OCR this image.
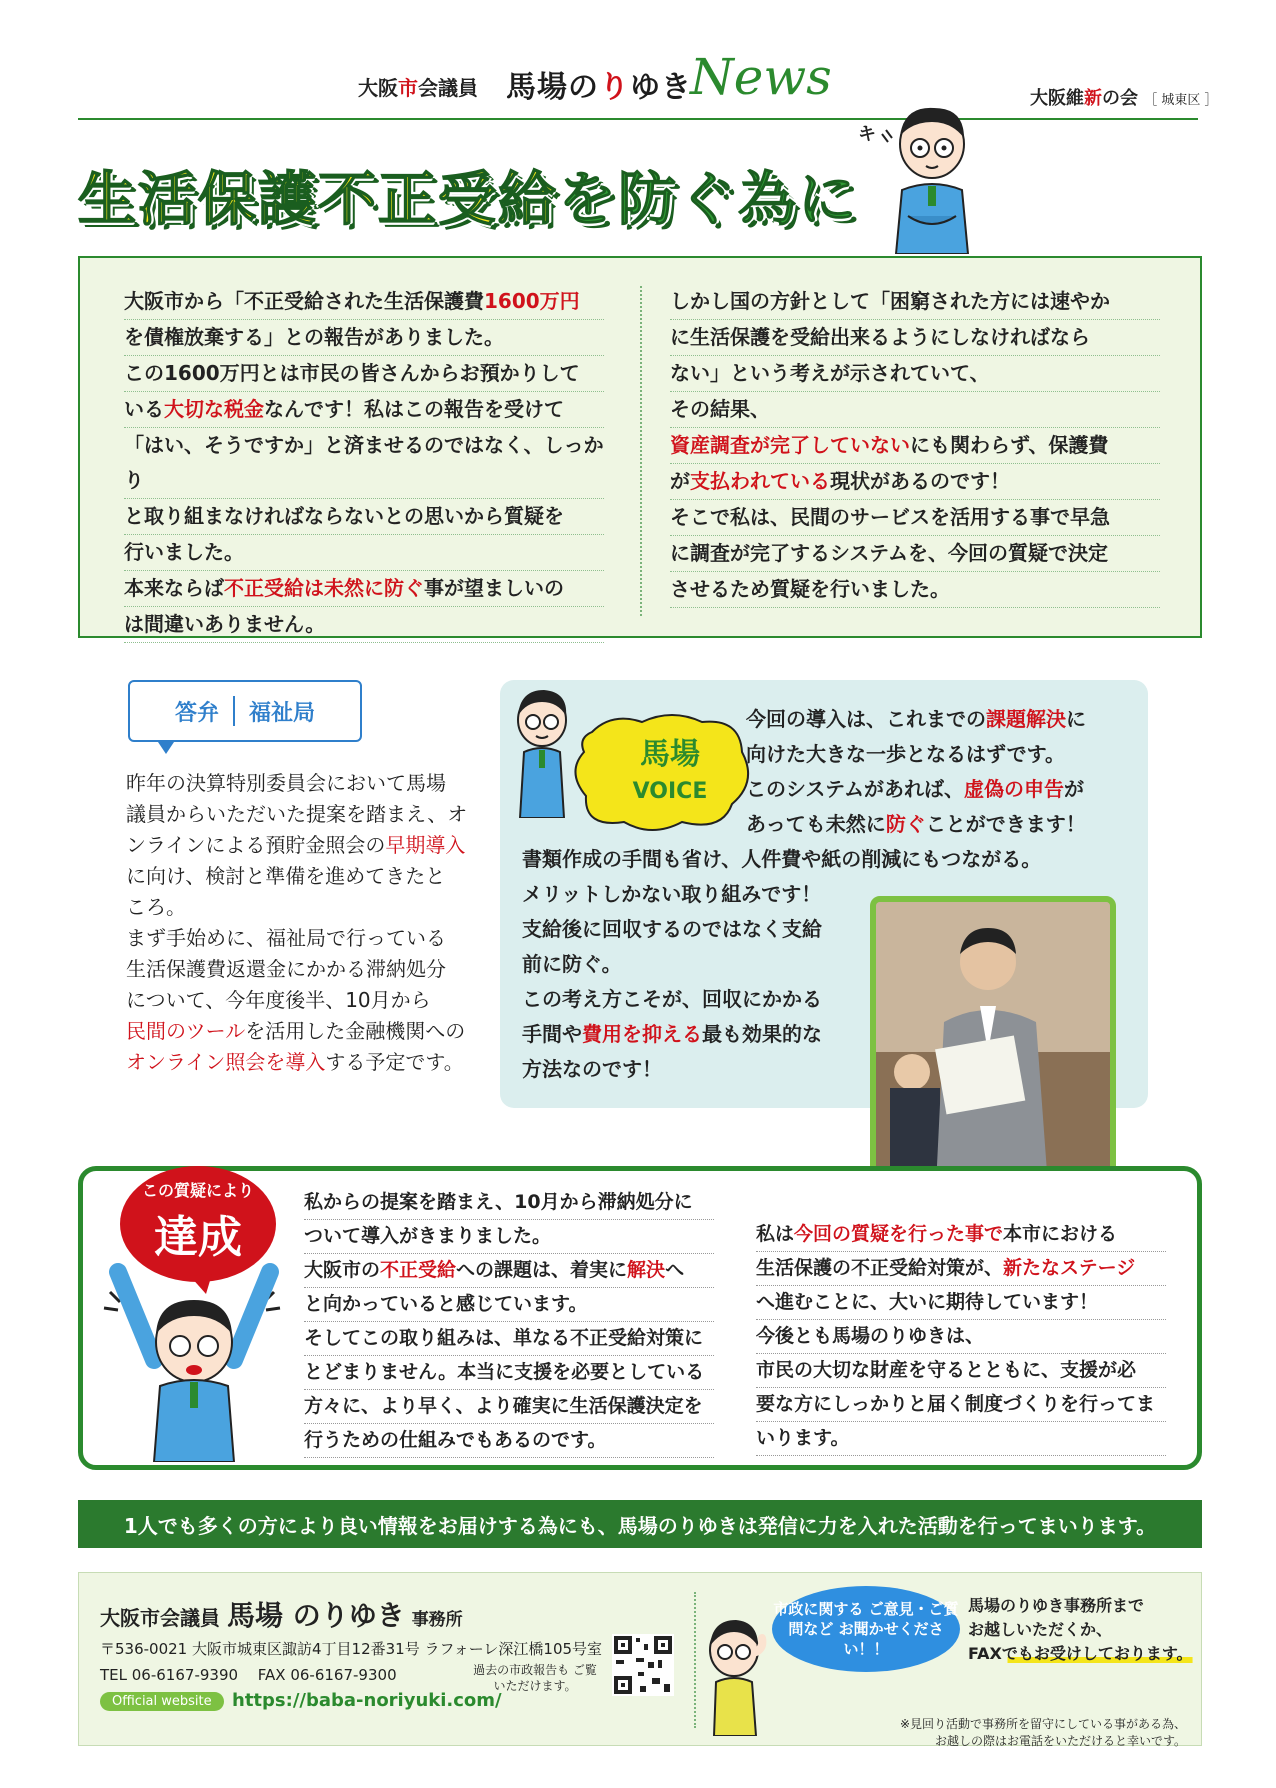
大阪市会議員 馬場のりゆき
News	大阪維新の会 ［ 城東区 ］
生活保護不正受給を防ぐ為に
キ

大阪市から「不正受給された生活保護費1600万円

を債権放棄する」との報告がありました。

この1600万円とは市民の皆さんからお預かりして

いる大切な税金なんです！私はこの報告を受けて

「はい、そうですか」と済ませるのではなく、しっかり

と取り組まなければならないとの思いから質疑を

行いました。

本来ならば不正受給は未然に防ぐ事が望ましいの

は間違いありません。

しかし国の方針として「困窮された方には速やか

に生活保護を受給出来るようにしなければなら

ない」という考えが示されていて、

その結果、

資産調査が完了していないにも関わらず、保護費

が支払われている現状があるのです！

そこで私は、民間のサービスを活用する事で早急

に調査が完了するシステムを、今回の質疑で決定

させるため質疑を行いました。

答弁 福祉局

昨年の決算特別委員会において馬場

議員からいただいた提案を踏まえ、オ

ンラインによる預貯金照会の早期導入

に向け、検討と準備を進めてきたと

ころ。

まず手始めに、福祉局で行っている

生活保護費返還金にかかる滞納処分

について、今年度後半、10月から

民間のツールを活用した金融機関への

オンライン照会を導入する予定です。

馬場
VOICE

今回の導入は、これまでの課題解決に

向けた大きな一歩となるはずです。

このシステムがあれば、虚偽の申告が

あっても未然に防ぐことができます！

書類作成の手間も省け、人件費や紙の削減にもつながる。

メリットしかない取り組みです！

支給後に回収するのではなく支給

前に防ぐ。

この考え方こそが、回収にかかる

手間や費用を抑える最も効果的な

方法なのです！

この質疑により
達成

私からの提案を踏まえ、10月から滞納処分に

ついて導入がきまりました。

大阪市の不正受給への課題は、着実に解決へ

と向かっていると感じています。

そしてこの取り組みは、単なる不正受給対策に

とどまりません。本当に支援を必要としている

方々に、より早く、より確実に生活保護決定を

行うための仕組みでもあるのです。

私は今回の質疑を行った事で本市における

生活保護の不正受給対策が、新たなステージ

へ進むことに、大いに期待しています！

今後とも馬場のりゆきは、

市民の大切な財産を守るとともに、支援が必

要な方にしっかりと届く制度づくりを行ってま

いります。

1人でも多くの方により良い情報をお届けする為にも、馬場のりゆきは発信に力を入れた活動を行ってまいります。
大阪市会議員 馬場 のりゆき 事務所
〒536-0021 大阪市城東区諏訪4丁目12番31号 ラフォーレ深江橋105号室
TEL 06-6167-9390　 FAX 06-6167-9300
Official website	https://baba-noriyuki.com/
過去の市政報告も ご覧いただけます。
市政に関する ご意見・ご質問など お聞かせください！！
馬場のりゆき事務所まで
お越しいただくか、
FAXでもお受けしております。
※見回り活動で事務所を留守にしている事がある為、
お越しの際はお電話をいただけると幸いです。
